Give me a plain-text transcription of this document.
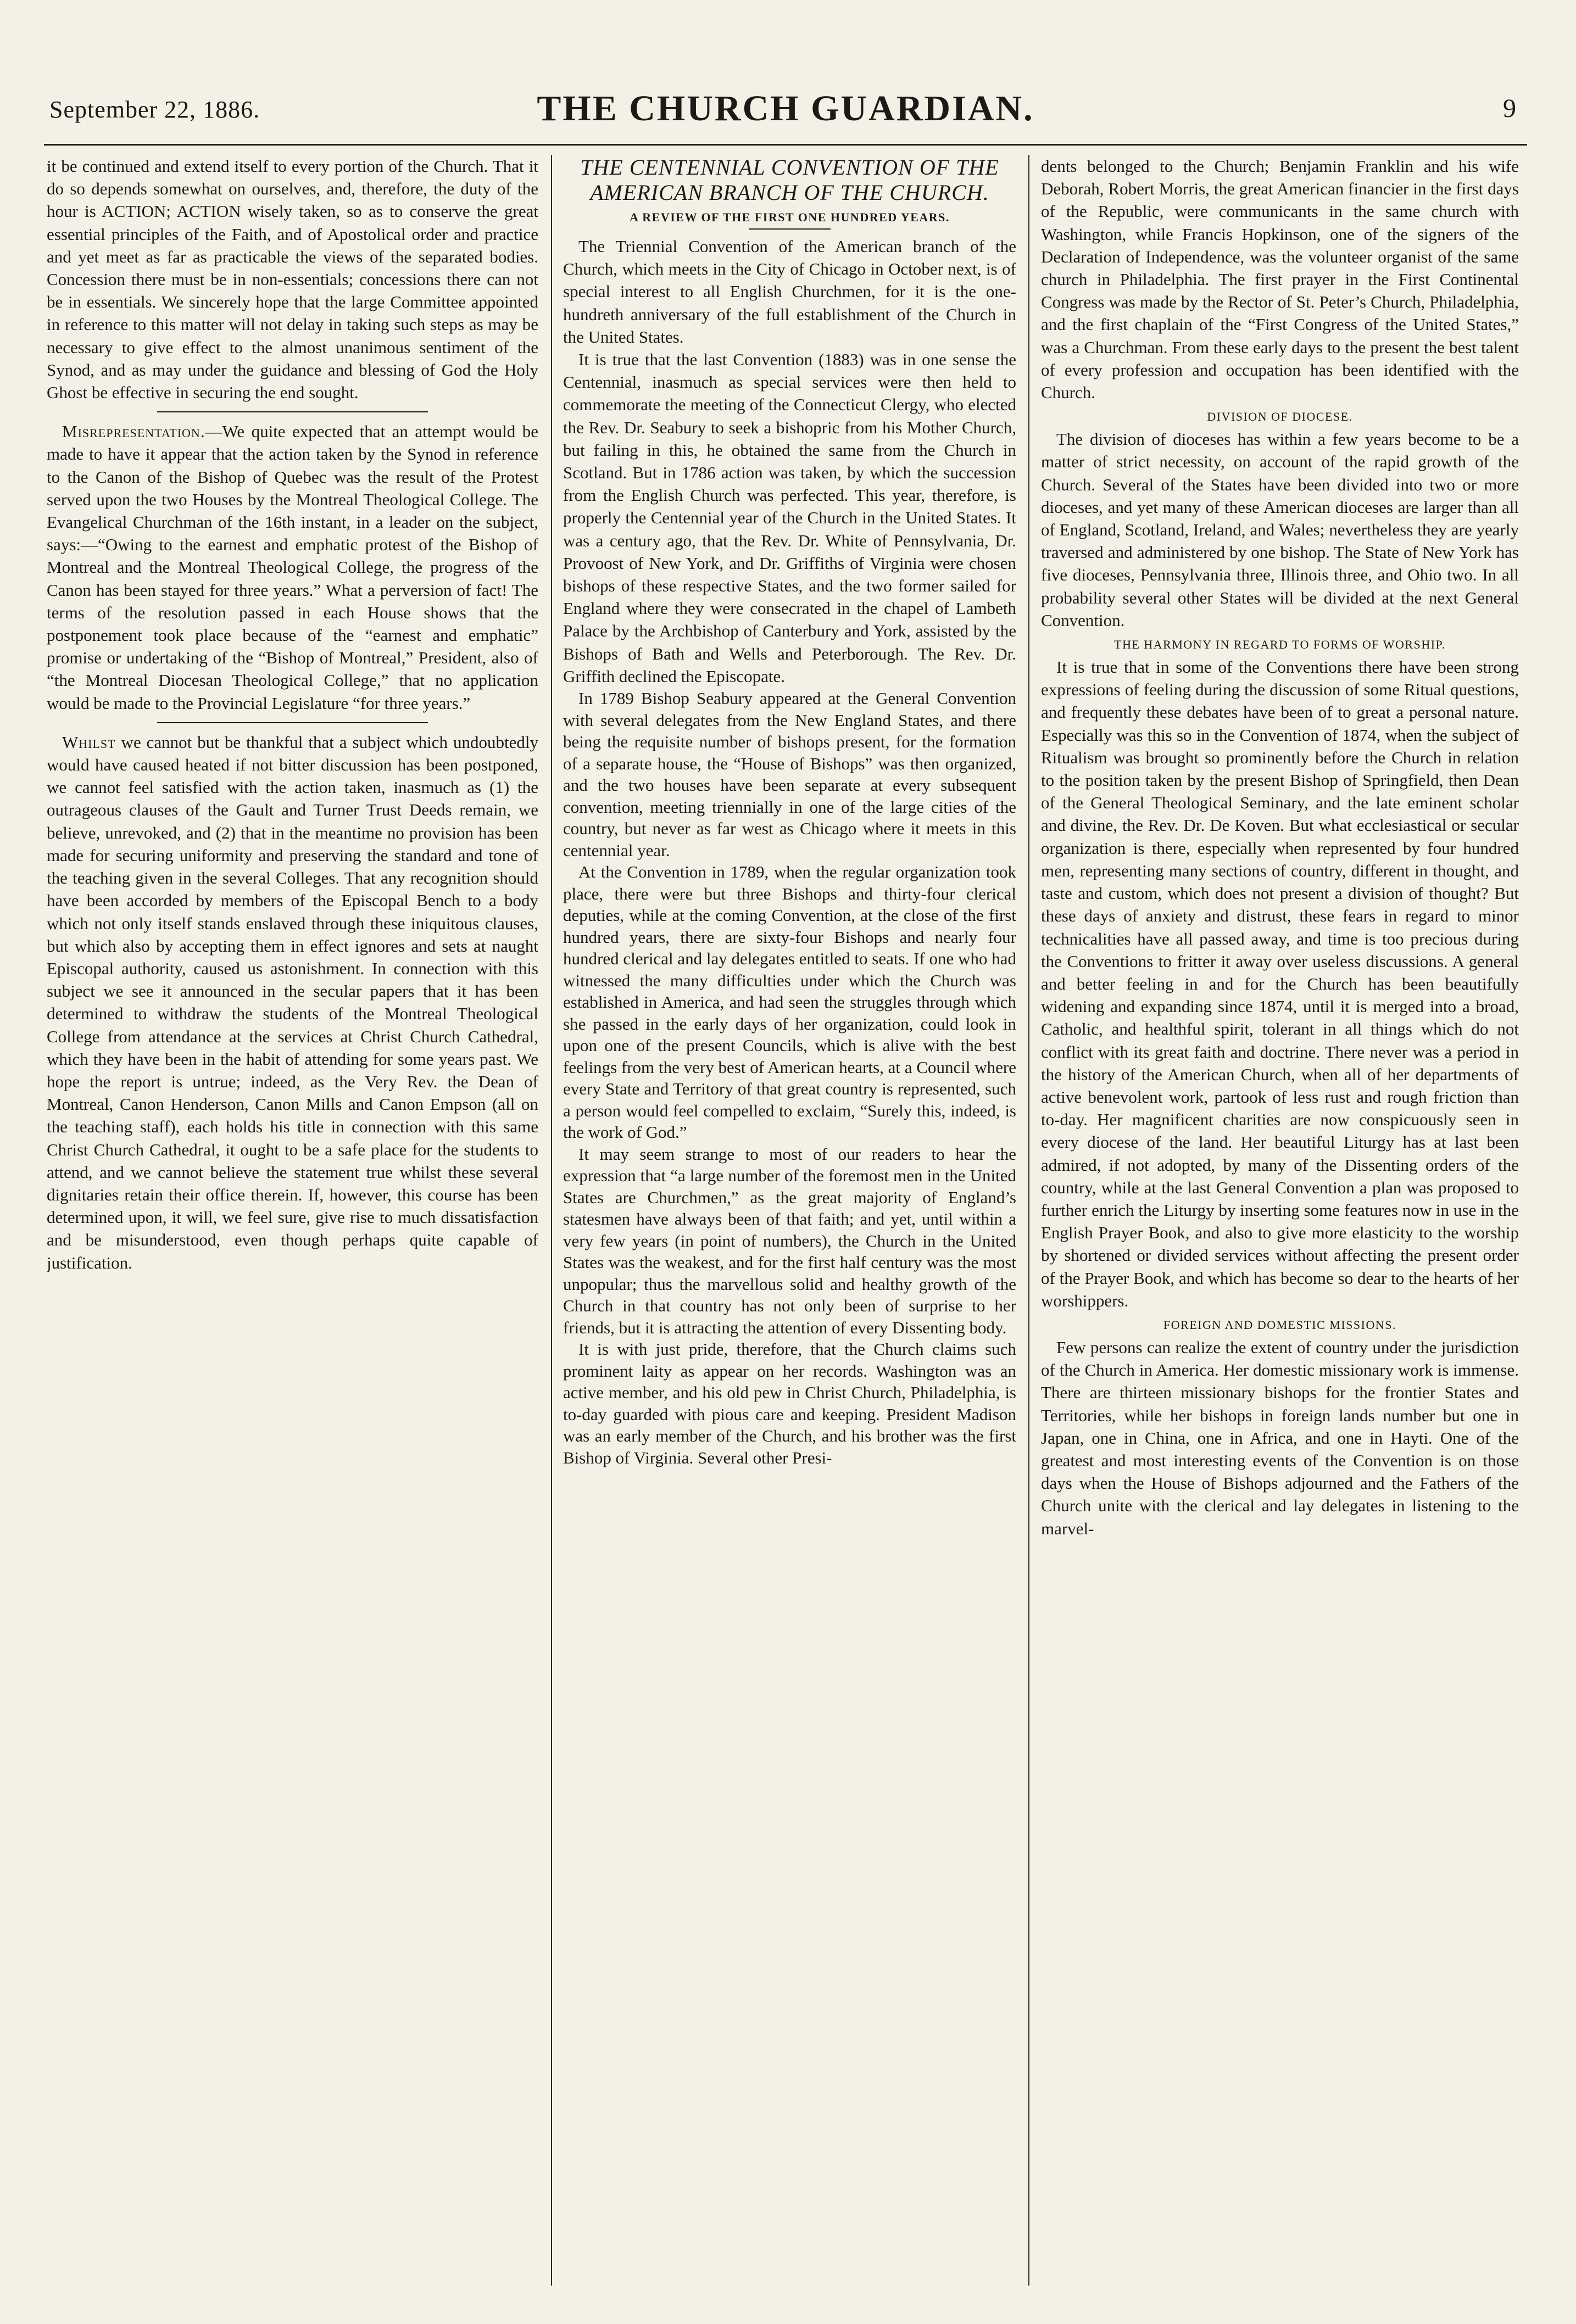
September 22, 1886.	THE CHURCH GUARDIAN.	9

it be continued and extend itself to every portion of the Church. That it do so depends somewhat on ourselves, and, therefore, the duty of the hour is ACTION; ACTION wisely taken, so as to conserve the great essential principles of the Faith, and of Apostolical order and practice and yet meet as far as practicable the views of the separated bodies. Concession there must be in non-essentials; concessions there can not be in essentials. We sincerely hope that the large Committee appointed in reference to this matter will not delay in taking such steps as may be necessary to give effect to the almost unanimous sentiment of the Synod, and as may under the guidance and blessing of God the Holy Ghost be effective in securing the end sought.

Misrepresentation.—We quite expected that an attempt would be made to have it appear that the action taken by the Synod in reference to the Canon of the Bishop of Quebec was the result of the Protest served upon the two Houses by the Montreal Theological College. The Evangelical Churchman of the 16th instant, in a leader on the subject, says:—“Owing to the earnest and emphatic protest of the Bishop of Montreal and the Montreal Theological College, the progress of the Canon has been stayed for three years.” What a perversion of fact! The terms of the resolution passed in each House shows that the postponement took place because of the “earnest and emphatic” promise or undertaking of the “Bishop of Montreal,” President, also of “the Montreal Diocesan Theological College,” that no application would be made to the Provincial Legislature “for three years.”

Whilst we cannot but be thankful that a subject which undoubtedly would have caused heated if not bitter discussion has been postponed, we cannot feel satisfied with the action taken, inasmuch as (1) the outrageous clauses of the Gault and Turner Trust Deeds remain, we believe, unrevoked, and (2) that in the meantime no provision has been made for securing uniformity and preserving the standard and tone of the teaching given in the several Colleges. That any recognition should have been accorded by members of the Episcopal Bench to a body which not only itself stands enslaved through these iniquitous clauses, but which also by accepting them in effect ignores and sets at naught Episcopal authority, caused us astonishment. In connection with this subject we see it announced in the secular papers that it has been determined to withdraw the students of the Montreal Theological College from attendance at the services at Christ Church Cathedral, which they have been in the habit of attending for some years past. We hope the report is untrue; indeed, as the Very Rev. the Dean of Montreal, Canon Henderson, Canon Mills and Canon Empson (all on the teaching staff), each holds his title in connection with this same Christ Church Cathedral, it ought to be a safe place for the students to attend, and we cannot believe the statement true whilst these several dignitaries retain their office therein. If, however, this course has been determined upon, it will, we feel sure, give rise to much dissatisfaction and be misunderstood, even though perhaps quite capable of justification.

THE CENTENNIAL CONVENTION OF THE AMERICAN BRANCH OF THE CHURCH.
A REVIEW OF THE FIRST ONE HUNDRED YEARS.

The Triennial Convention of the American branch of the Church, which meets in the City of Chicago in October next, is of special interest to all English Churchmen, for it is the one-hundreth anniversary of the full establishment of the Church in the United States.

It is true that the last Convention (1883) was in one sense the Centennial, inasmuch as special services were then held to commemorate the meeting of the Connecticut Clergy, who elected the Rev. Dr. Seabury to seek a bishopric from his Mother Church, but failing in this, he obtained the same from the Church in Scotland. But in 1786 action was taken, by which the succession from the English Church was perfected. This year, therefore, is properly the Centennial year of the Church in the United States. It was a century ago, that the Rev. Dr. White of Pennsylvania, Dr. Provoost of New York, and Dr. Griffiths of Virginia were chosen bishops of these respective States, and the two former sailed for England where they were consecrated in the chapel of Lambeth Palace by the Archbishop of Canterbury and York, assisted by the Bishops of Bath and Wells and Peterborough. The Rev. Dr. Griffith declined the Episcopate.

In 1789 Bishop Seabury appeared at the General Convention with several delegates from the New England States, and there being the requisite number of bishops present, for the formation of a separate house, the “House of Bishops” was then organized, and the two houses have been separate at every subsequent convention, meeting triennially in one of the large cities of the country, but never as far west as Chicago where it meets in this centennial year.

At the Convention in 1789, when the regular organization took place, there were but three Bishops and thirty-four clerical deputies, while at the coming Convention, at the close of the first hundred years, there are sixty-four Bishops and nearly four hundred clerical and lay delegates entitled to seats. If one who had witnessed the many difficulties under which the Church was established in America, and had seen the struggles through which she passed in the early days of her organization, could look in upon one of the present Councils, which is alive with the best feelings from the very best of American hearts, at a Council where every State and Territory of that great country is represented, such a person would feel compelled to exclaim, “Surely this, indeed, is the work of God.”

It may seem strange to most of our readers to hear the expression that “a large number of the foremost men in the United States are Churchmen,” as the great majority of England’s statesmen have always been of that faith; and yet, until within a very few years (in point of numbers), the Church in the United States was the weakest, and for the first half century was the most unpopular; thus the marvellous solid and healthy growth of the Church in that country has not only been of surprise to her friends, but it is attracting the attention of every Dissenting body.

It is with just pride, therefore, that the Church claims such prominent laity as appear on her records. Washington was an active member, and his old pew in Christ Church, Philadelphia, is to-day guarded with pious care and keeping. President Madison was an early member of the Church, and his brother was the first Bishop of Virginia. Several other Presi-

dents belonged to the Church; Benjamin Franklin and his wife Deborah, Robert Morris, the great American financier in the first days of the Republic, were communicants in the same church with Washington, while Francis Hopkinson, one of the signers of the Declaration of Independence, was the volunteer organist of the same church in Philadelphia. The first prayer in the First Continental Congress was made by the Rector of St. Peter’s Church, Philadelphia, and the first chaplain of the “First Congress of the United States,” was a Churchman. From these early days to the present the best talent of every profession and occupation has been identified with the Church.

DIVISION OF DIOCESE.

The division of dioceses has within a few years become to be a matter of strict necessity, on account of the rapid growth of the Church. Several of the States have been divided into two or more dioceses, and yet many of these American dioceses are larger than all of England, Scotland, Ireland, and Wales; nevertheless they are yearly traversed and administered by one bishop. The State of New York has five dioceses, Pennsylvania three, Illinois three, and Ohio two. In all probability several other States will be divided at the next General Convention.

THE HARMONY IN REGARD TO FORMS OF WORSHIP.

It is true that in some of the Conventions there have been strong expressions of feeling during the discussion of some Ritual questions, and frequently these debates have been of to great a personal nature. Especially was this so in the Convention of 1874, when the subject of Ritualism was brought so prominently before the Church in relation to the position taken by the present Bishop of Springfield, then Dean of the General Theological Seminary, and the late eminent scholar and divine, the Rev. Dr. De Koven. But what ecclesiastical or secular organization is there, especially when represented by four hundred men, representing many sections of country, different in thought, and taste and custom, which does not present a division of thought? But these days of anxiety and distrust, these fears in regard to minor technicalities have all passed away, and time is too precious during the Conventions to fritter it away over useless discussions. A general and better feeling in and for the Church has been beautifully widening and expanding since 1874, until it is merged into a broad, Catholic, and healthful spirit, tolerant in all things which do not conflict with its great faith and doctrine. There never was a period in the history of the American Church, when all of her departments of active benevolent work, partook of less rust and rough friction than to-day. Her magnificent charities are now conspicuously seen in every diocese of the land. Her beautiful Liturgy has at last been admired, if not adopted, by many of the Dissenting orders of the country, while at the last General Convention a plan was proposed to further enrich the Liturgy by inserting some features now in use in the English Prayer Book, and also to give more elasticity to the worship by shortened or divided services without affecting the present order of the Prayer Book, and which has become so dear to the hearts of her worshippers.

FOREIGN AND DOMESTIC MISSIONS.

Few persons can realize the extent of country under the jurisdiction of the Church in America. Her domestic missionary work is immense. There are thirteen missionary bishops for the frontier States and Territories, while her bishops in foreign lands number but one in Japan, one in China, one in Africa, and one in Hayti. One of the greatest and most interesting events of the Convention is on those days when the House of Bishops adjourned and the Fathers of the Church unite with the clerical and lay delegates in listening to the marvel-
